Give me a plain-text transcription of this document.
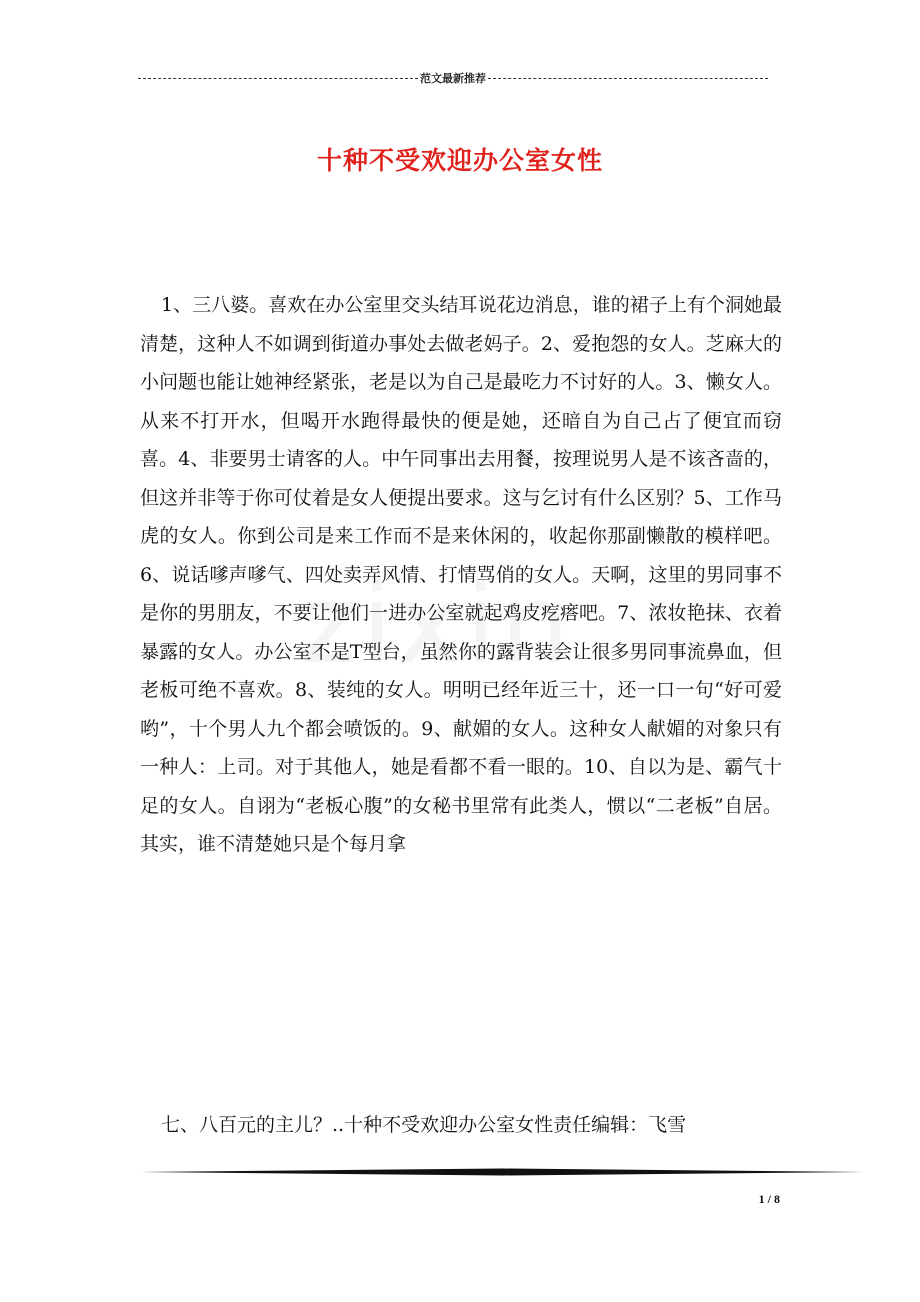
范文最新推荐
十种不受欢迎办公室女性

1、三八婆。喜欢在办公室里交头结耳说花边消息，谁的裙子上有个洞她最清楚，这种人不如调到街道办事处去做老妈子。2、爱抱怨的女人。芝麻大的小问题也能让她神经紧张，老是以为自己是最吃力不讨好的人。3、懒女人。从来不打开水，但喝开水跑得最快的便是她，还暗自为自己占了便宜而窃喜。4、非要男士请客的人。中午同事出去用餐，按理说男人是不该吝啬的，但这并非等于你可仗着是女人便提出要求。这与乞讨有什么区别？5、工作马虎的女人。你到公司是来工作而不是来休闲的，收起你那副懒散的模样吧。6、说话嗲声嗲气、四处卖弄风情、打情骂俏的女人。天啊，这里的男同事不是你的男朋友，不要让他们一进办公室就起鸡皮疙瘩吧。7、浓妆艳抹、衣着暴露的女人。办公室不是T型台，虽然你的露背装会让很多男同事流鼻血，但老板可绝不喜欢。8、装纯的女人。明明已经年近三十，还一口一句“好可爱哟”，十个男人九个都会喷饭的。9、献媚的女人。这种女人献媚的对象只有一种人：上司。对于其他人，她是看都不看一眼的。10、自以为是、霸气十足的女人。自诩为“老板心腹”的女秘书里常有此类人，惯以“二老板”自居。其实，谁不清楚她只是个每月拿

七、八百元的主儿？..十种不受欢迎办公室女性责任编辑：飞雪

1 / 8
